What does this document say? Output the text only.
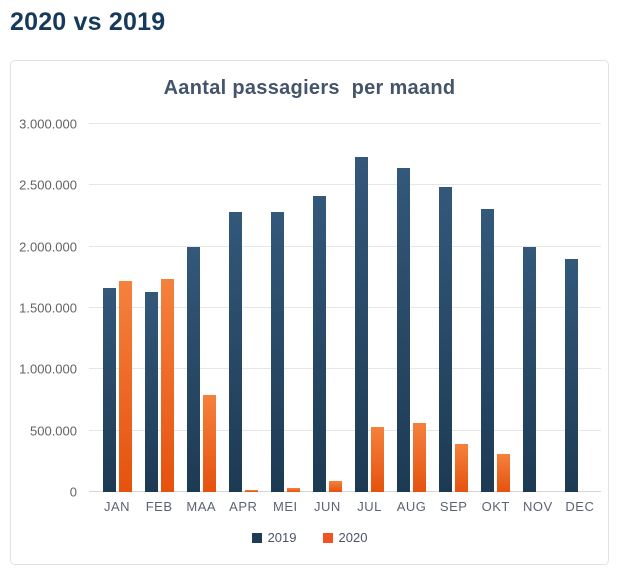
2020 vs 2019
Aantal passagiers  per maand
3.000.000
2.500.000
2.000.000
1.500.000
1.000.000
500.000
0
JAN	FEB	MAA	APR	MEI	JUN	JUL	AUG	SEP	OKT	NOV DEC
2019	2020
